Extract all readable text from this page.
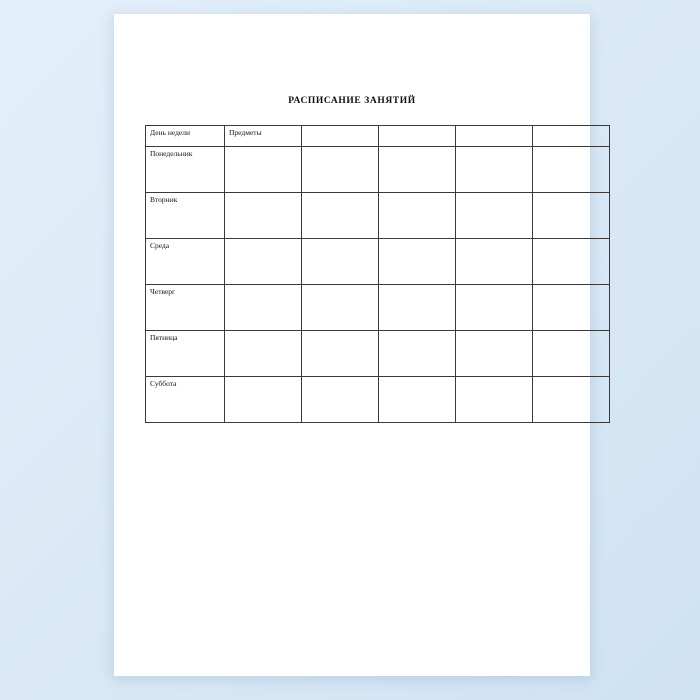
РАСПИСАНИЕ ЗАНЯТИЙ
День недели	Предметы				

Понедельник					

Вторник					

Среда					

Четверг					

Пятница					

Суббота					
